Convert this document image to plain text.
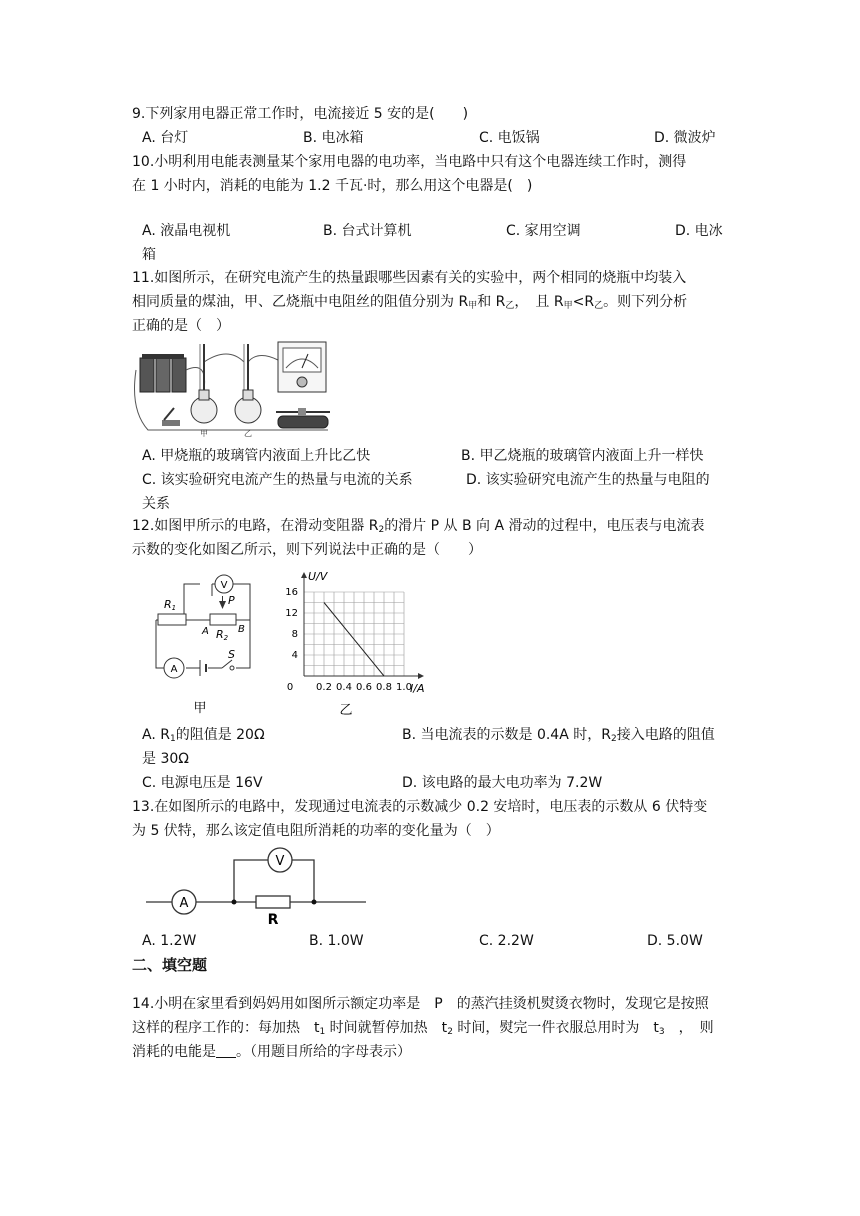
9.下列家用电器正常工作时，电流接近 5 安的是(　　)
A. 台灯	B. 电冰箱	C. 电饭锅	D. 微波炉
10.小明利用电能表测量某个家用电器的电功率，当电路中只有这个电器连续工作时，测得
在 1 小时内，消耗的电能为 1.2 千瓦·时，那么用这个电器是(　)
A. 液晶电视机	B. 台式计算机	C. 家用空调	D. 电冰
箱
11.如图所示，在研究电流产生的热量跟哪些因素有关的实验中，两个相同的烧瓶中均装入
相同质量的煤油，甲、乙烧瓶中电阻丝的阻值分别为 $R_甲$和 $R_乙$，　且 $R_甲<R_乙$。则下列分析
正确的是（　）
甲	乙
A. 甲烧瓶的玻璃管内液面上升比乙快	B. 甲乙烧瓶的玻璃管内液面上升一样快
C. 该实验研究电流产生的热量与电流的关系	D. 该实验研究电流产生的热量与电阻的
关系
12.如图甲所示的电路，在滑动变阻器 $R_2$的滑片 P 从 B 向 A 滑动的过程中，电压表与电流表
示数的变化如图乙所示，则下列说法中正确的是（　　）
V
R1
P
A	B
R2
A
S
甲
0 0.2 0.4 0.6 0.8 1.0
4
8
12
16
I/A
U/V
乙
A. $R_1$的阻值是 20Ω	B. 当电流表的示数是 0.4A 时，$R_2$接入电路的阻值
是 30Ω
C. 电源电压是 16V	D. 该电路的最大电功率为 7.2W
13.在如图所示的电路中，发现通过电流表的示数减少 0.2 安培时，电压表的示数从 6 伏特变
为 5 伏特，那么该定值电阻所消耗的功率的变化量为（　）
A
V
R
A. 1.2W	B. 1.0W	C. 2.2W	D. 5.0W
二、填空题
14.小明在家里看到妈妈用如图所示额定功率是　P　的蒸汽挂烫机熨烫衣物时，发现它是按照
这样的程序工作的：每加热　$t_1$ 时间就暂停加热　$t_2$ 时间，熨完一件衣服总用时为　$t_3$　，　则
消耗的电能是 。（用题目所给的字母表示）
